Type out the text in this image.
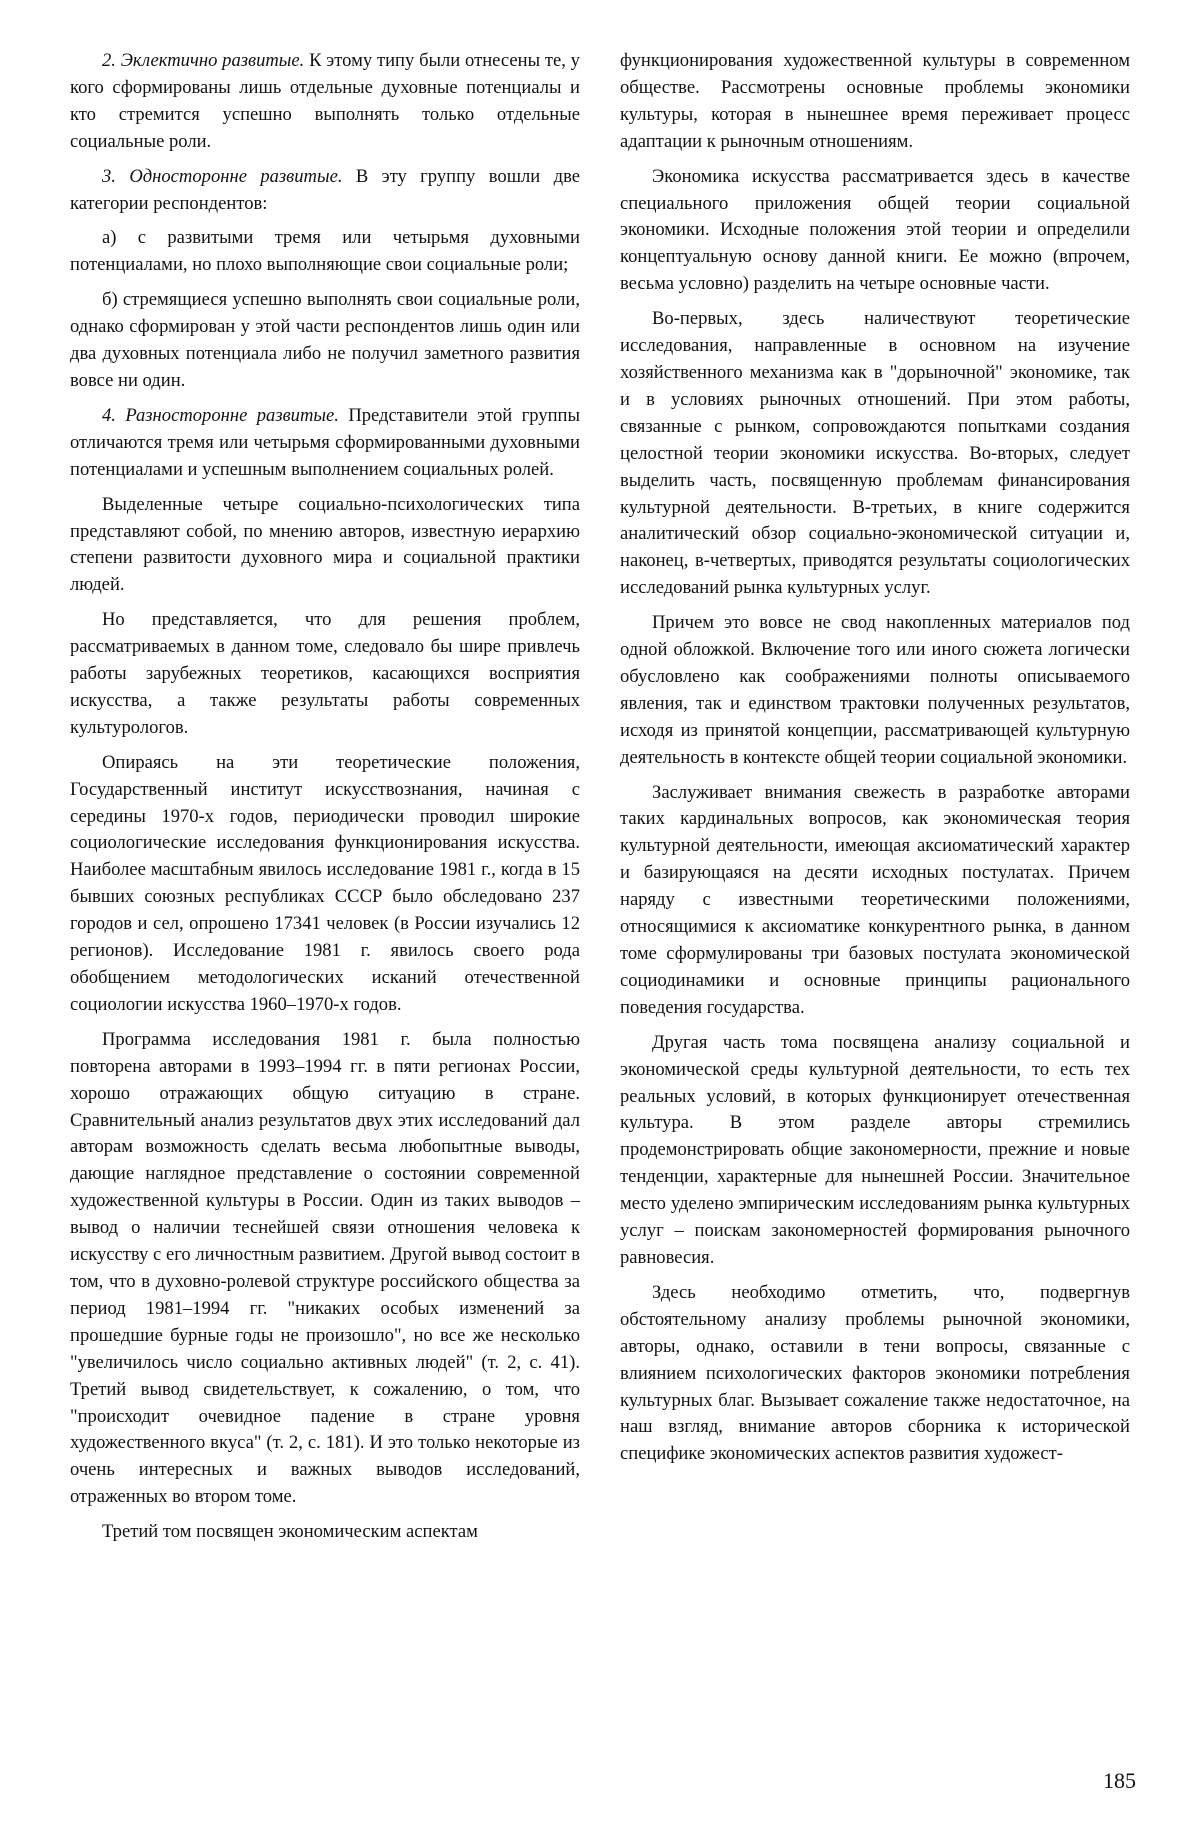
2. Эклектично развитые. К этому типу были отнесены те, у кого сформированы лишь отдельные духовные потенциалы и кто стремится успешно выполнять только отдельные социальные роли.

3. Односторонне развитые. В эту группу вошли две категории респондентов:

а) с развитыми тремя или четырьмя духовными потенциалами, но плохо выполняющие свои социальные роли;

б) стремящиеся успешно выполнять свои социальные роли, однако сформирован у этой части респондентов лишь один или два духовных потенциала либо не получил заметного развития вовсе ни один.

4. Разносторонне развитые. Представители этой группы отличаются тремя или четырьмя сформированными духовными потенциалами и успешным выполнением социальных ролей.

Выделенные четыре социально-психологических типа представляют собой, по мнению авторов, известную иерархию степени развитости духовного мира и социальной практики людей.

Но представляется, что для решения проблем, рассматриваемых в данном томе, следовало бы шире привлечь работы зарубежных теоретиков, касающихся восприятия искусства, а также результаты работы современных культурологов.

Опираясь на эти теоретические положения, Государственный институт искусствознания, начиная с середины 1970-х годов, периодически проводил широкие социологические исследования функционирования искусства. Наиболее масштабным явилось исследование 1981 г., когда в 15 бывших союзных республиках СССР было обследовано 237 городов и сел, опрошено 17341 человек (в России изучались 12 регионов). Исследование 1981 г. явилось своего рода обобщением методологических исканий отечественной социологии искусства 1960–1970-х годов.

Программа исследования 1981 г. была полностью повторена авторами в 1993–1994 гг. в пяти регионах России, хорошо отражающих общую ситуацию в стране. Сравнительный анализ результатов двух этих исследований дал авторам возможность сделать весьма любопытные выводы, дающие наглядное представление о состоянии современной художественной культуры в России. Один из таких выводов – вывод о наличии теснейшей связи отношения человека к искусству с его личностным развитием. Другой вывод состоит в том, что в духовно-ролевой структуре российского общества за период 1981–1994 гг. "никаких особых изменений за прошедшие бурные годы не произошло", но все же несколько "увеличилось число социально активных людей" (т. 2, с. 41). Третий вывод свидетельствует, к сожалению, о том, что "происходит очевидное падение в стране уровня художественного вкуса" (т. 2, с. 181). И это только некоторые из очень интересных и важных выводов исследований, отраженных во втором томе.

Третий том посвящен экономическим аспектам

функционирования художественной культуры в современном обществе. Рассмотрены основные проблемы экономики культуры, которая в нынешнее время переживает процесс адаптации к рыночным отношениям.

Экономика искусства рассматривается здесь в качестве специального приложения общей теории социальной экономики. Исходные положения этой теории и определили концептуальную основу данной книги. Ее можно (впрочем, весьма условно) разделить на четыре основные части.

Во-первых, здесь наличествуют теоретические исследования, направленные в основном на изучение хозяйственного механизма как в "дорыночной" экономике, так и в условиях рыночных отношений. При этом работы, связанные с рынком, сопровождаются попытками создания целостной теории экономики искусства. Во-вторых, следует выделить часть, посвященную проблемам финансирования культурной деятельности. В-третьих, в книге содержится аналитический обзор социально-экономической ситуации и, наконец, в-четвертых, приводятся результаты социологических исследований рынка культурных услуг.

Причем это вовсе не свод накопленных материалов под одной обложкой. Включение того или иного сюжета логически обусловлено как соображениями полноты описываемого явления, так и единством трактовки полученных результатов, исходя из принятой концепции, рассматривающей культурную деятельность в контексте общей теории социальной экономики.

Заслуживает внимания свежесть в разработке авторами таких кардинальных вопросов, как экономическая теория культурной деятельности, имеющая аксиоматический характер и базирующаяся на десяти исходных постулатах. Причем наряду с известными теоретическими положениями, относящимися к аксиоматике конкурентного рынка, в данном томе сформулированы три базовых постулата экономической социодинамики и основные принципы рационального поведения государства.

Другая часть тома посвящена анализу социальной и экономической среды культурной деятельности, то есть тех реальных условий, в которых функционирует отечественная культура. В этом разделе авторы стремились продемонстрировать общие закономерности, прежние и новые тенденции, характерные для нынешней России. Значительное место уделено эмпирическим исследованиям рынка культурных услуг – поискам закономерностей формирования рыночного равновесия.

Здесь необходимо отметить, что, подвергнув обстоятельному анализу проблемы рыночной экономики, авторы, однако, оставили в тени вопросы, связанные с влиянием психологических факторов экономики потребления культурных благ. Вызывает сожаление также недостаточное, на наш взгляд, внимание авторов сборника к исторической специфике экономических аспектов развития художест-

185
